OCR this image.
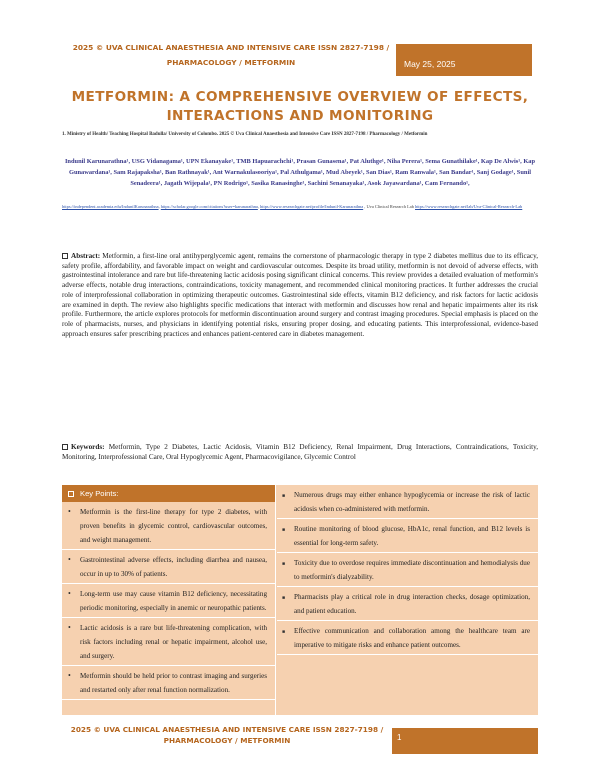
2025 © UVA CLINICAL ANAESTHESIA AND INTENSIVE CARE ISSN 2827-7198 /
PHARMACOLOGY / METFORMIN	May 25, 2025
METFORMIN: A COMPREHENSIVE OVERVIEW OF EFFECTS, INTERACTIONS AND MONITORING
1. Ministry of Health/ Teaching Hospital Badulla/ University of Colombo. 2025 © Uva Clinical Anaesthesia and Intensive Care ISSN 2827-7198 / Pharmacology / Metformin
Indunil Karunarathna¹, USG Vidanagama¹, UPN Ekanayake¹, TMB Hapuarachchi¹, Prasan Gunasena¹, Pat Aluthge¹, Niha Perera¹, Sema Gunathilake¹, Kap De Alwis¹, Kap Gunawardana¹, Sam Rajapaksha¹, Ban Rathnayak¹, Ant Warnakulasooriya¹, Pal Athulgama¹, Mud Abeyek¹, San Dias¹, Ram Ranwala¹, San Bandar¹, Sanj Godage¹, Sunil Senadeera¹, Jagath Wijepala¹, PN Rodrigo¹, Sasika Ranasinghe¹, Sachini Senanayaka¹, Asok Jayawardana¹, Cam Fernando¹,
https://independent.academia.edu/IndunilKarunarathna, https://scholar.google.com/citations?user=karunarathna, https://www.researchgate.net/profile/Indunil-Karunarathna , Uva Clinical Research Lab https://www.researchgate.net/lab/Uva-Clinical-Research-Lab
Abstract: Metformin, a first-line oral antihyperglycemic agent, remains the cornerstone of pharmacologic therapy in type 2 diabetes mellitus due to its efficacy, safety profile, affordability, and favorable impact on weight and cardiovascular outcomes. Despite its broad utility, metformin is not devoid of adverse effects, with gastrointestinal intolerance and rare but life-threatening lactic acidosis posing significant clinical concerns. This review provides a detailed evaluation of metformin's adverse effects, notable drug interactions, contraindications, toxicity management, and recommended clinical monitoring practices. It further addresses the crucial role of interprofessional collaboration in optimizing therapeutic outcomes. Gastrointestinal side effects, vitamin B12 deficiency, and risk factors for lactic acidosis are examined in depth. The review also highlights specific medications that interact with metformin and discusses how renal and hepatic impairments alter its risk profile. Furthermore, the article explores protocols for metformin discontinuation around surgery and contrast imaging procedures. Special emphasis is placed on the role of pharmacists, nurses, and physicians in identifying potential risks, ensuring proper dosing, and educating patients. This interprofessional, evidence-based approach ensures safer prescribing practices and enhances patient-centered care in diabetes management.
Keywords: Metformin, Type 2 Diabetes, Lactic Acidosis, Vitamin B12 Deficiency, Renal Impairment, Drug Interactions, Contraindications, Toxicity, Monitoring, Interprofessional Care, Oral Hypoglycemic Agent, Pharmacovigilance, Glycemic Control
Key Points:
• Metformin is the first-line therapy for type 2 diabetes, with proven benefits in glycemic control, cardiovascular outcomes, and weight management.
• Gastrointestinal adverse effects, including diarrhea and nausea, occur in up to 30% of patients.
• Long-term use may cause vitamin B12 deficiency, necessitating periodic monitoring, especially in anemic or neuropathic patients.
• Lactic acidosis is a rare but life-threatening complication, with risk factors including renal or hepatic impairment, alcohol use, and surgery.
• Metformin should be held prior to contrast imaging and surgeries and restarted only after renal function normalization.
■ Numerous drugs may either enhance hypoglycemia or increase the risk of lactic acidosis when co-administered with metformin.
■ Routine monitoring of blood glucose, HbA1c, renal function, and B12 levels is essential for long-term safety.
■ Toxicity due to overdose requires immediate discontinuation and hemodialysis due to metformin's dialyzability.
■ Pharmacists play a critical role in drug interaction checks, dosage optimization, and patient education.
■ Effective communication and collaboration among the healthcare team are imperative to mitigate risks and enhance patient outcomes.
2025 © UVA CLINICAL ANAESTHESIA AND INTENSIVE CARE ISSN 2827-7198 /
PHARMACOLOGY / METFORMIN	1
